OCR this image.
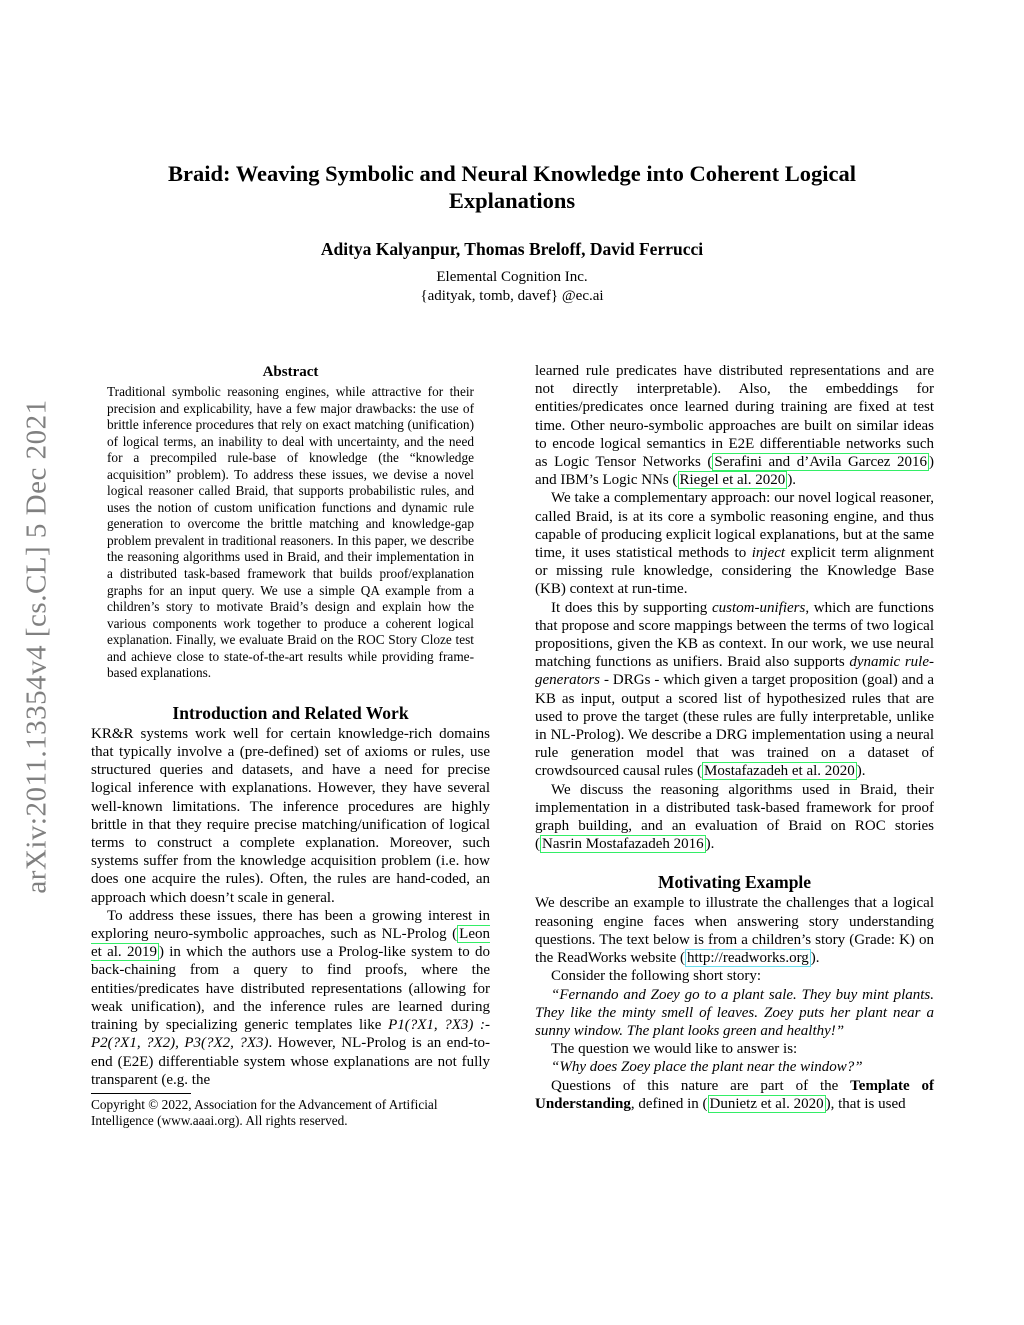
arXiv:2011.13354v4 [cs.CL] 5 Dec 2021
Braid: Weaving Symbolic and Neural Knowledge into Coherent Logical Explanations
Aditya Kalyanpur, Thomas Breloff, David Ferrucci
Elemental Cognition Inc.
{adityak, tomb, davef} @ec.ai
Abstract

Traditional symbolic reasoning engines, while attractive for their precision and explicability, have a few major drawbacks: the use of brittle inference procedures that rely on exact matching (unification) of logical terms, an inability to deal with uncertainty, and the need for a precompiled rule-base of knowledge (the “knowledge acquisition” problem). To address these issues, we devise a novel logical reasoner called Braid, that supports probabilistic rules, and uses the notion of custom unification functions and dynamic rule generation to overcome the brittle matching and knowledge-gap problem prevalent in traditional reasoners. In this paper, we describe the reasoning algorithms used in Braid, and their implementation in a distributed task-based framework that builds proof/explanation graphs for an input query. We use a simple QA example from a children’s story to motivate Braid’s design and explain how the various components work together to produce a coherent logical explanation. Finally, we evaluate Braid on the ROC Story Cloze test and achieve close to state-of-the-art results while providing frame-based explanations.

Introduction and Related Work

KR&R systems work well for certain knowledge-rich domains that typically involve a (pre-defined) set of axioms or rules, use structured queries and datasets, and have a need for precise logical inference with explanations. However, they have several well-known limitations. The inference procedures are highly brittle in that they require precise matching/unification of logical terms to construct a complete explanation. Moreover, such systems suffer from the knowledge acquisition problem (i.e. how does one acquire the rules). Often, the rules are hand-coded, an approach which doesn’t scale in general.

To address these issues, there has been a growing interest in exploring neuro-symbolic approaches, such as NL-Prolog ( Leon et al. 2019 ) in which the authors use a Prolog-like system to do back-chaining from a query to find proofs, where the entities/predicates have distributed representations (allowing for weak unification), and the inference rules are learned during training by specializing generic templates like P1(?X1, ?X3) :- P2(?X1, ?X2), P3(?X2, ?X3). However, NL-Prolog is an end-to-end (E2E) differentiable system whose explanations are not fully transparent (e.g. the

Copyright © 2022, Association for the Advancement of Artificial Intelligence (www.aaai.org). All rights reserved.

learned rule predicates have distributed representations and are not directly interpretable). Also, the embeddings for entities/predicates once learned during training are fixed at test time. Other neuro-symbolic approaches are built on similar ideas to encode logical semantics in E2E differentiable networks such as Logic Tensor Networks ( Serafini and d’Avila Garcez 2016 ) and IBM’s Logic NNs ( Riegel et al. 2020 ).

We take a complementary approach: our novel logical reasoner, called Braid, is at its core a symbolic reasoning engine, and thus capable of producing explicit logical explanations, but at the same time, it uses statistical methods to inject explicit term alignment or missing rule knowledge, considering the Knowledge Base (KB) context at run-time.

It does this by supporting custom-unifiers, which are functions that propose and score mappings between the terms of two logical propositions, given the KB as context. In our work, we use neural matching functions as unifiers. Braid also supports dynamic rule-generators - DRGs - which given a target proposition (goal) and a KB as input, output a scored list of hypothesized rules that are used to prove the target (these rules are fully interpretable, unlike in NL-Prolog). We describe a DRG implementation using a neural rule generation model that was trained on a dataset of crowdsourced causal rules ( Mostafazadeh et al. 2020 ).

We discuss the reasoning algorithms used in Braid, their implementation in a distributed task-based framework for proof graph building, and an evaluation of Braid on ROC stories ( Nasrin Mostafazadeh 2016 ).

Motivating Example

We describe an example to illustrate the challenges that a logical reasoning engine faces when answering story understanding questions. The text below is from a children’s story (Grade: K) on the ReadWorks website ( http://readworks.org ).

Consider the following short story:

“Fernando and Zoey go to a plant sale. They buy mint plants. They like the minty smell of leaves. Zoey puts her plant near a sunny window. The plant looks green and healthy!”

The question we would like to answer is:

“Why does Zoey place the plant near the window?”

Questions of this nature are part of the Template of Understanding, defined in ( Dunietz et al. 2020 ), that is used
